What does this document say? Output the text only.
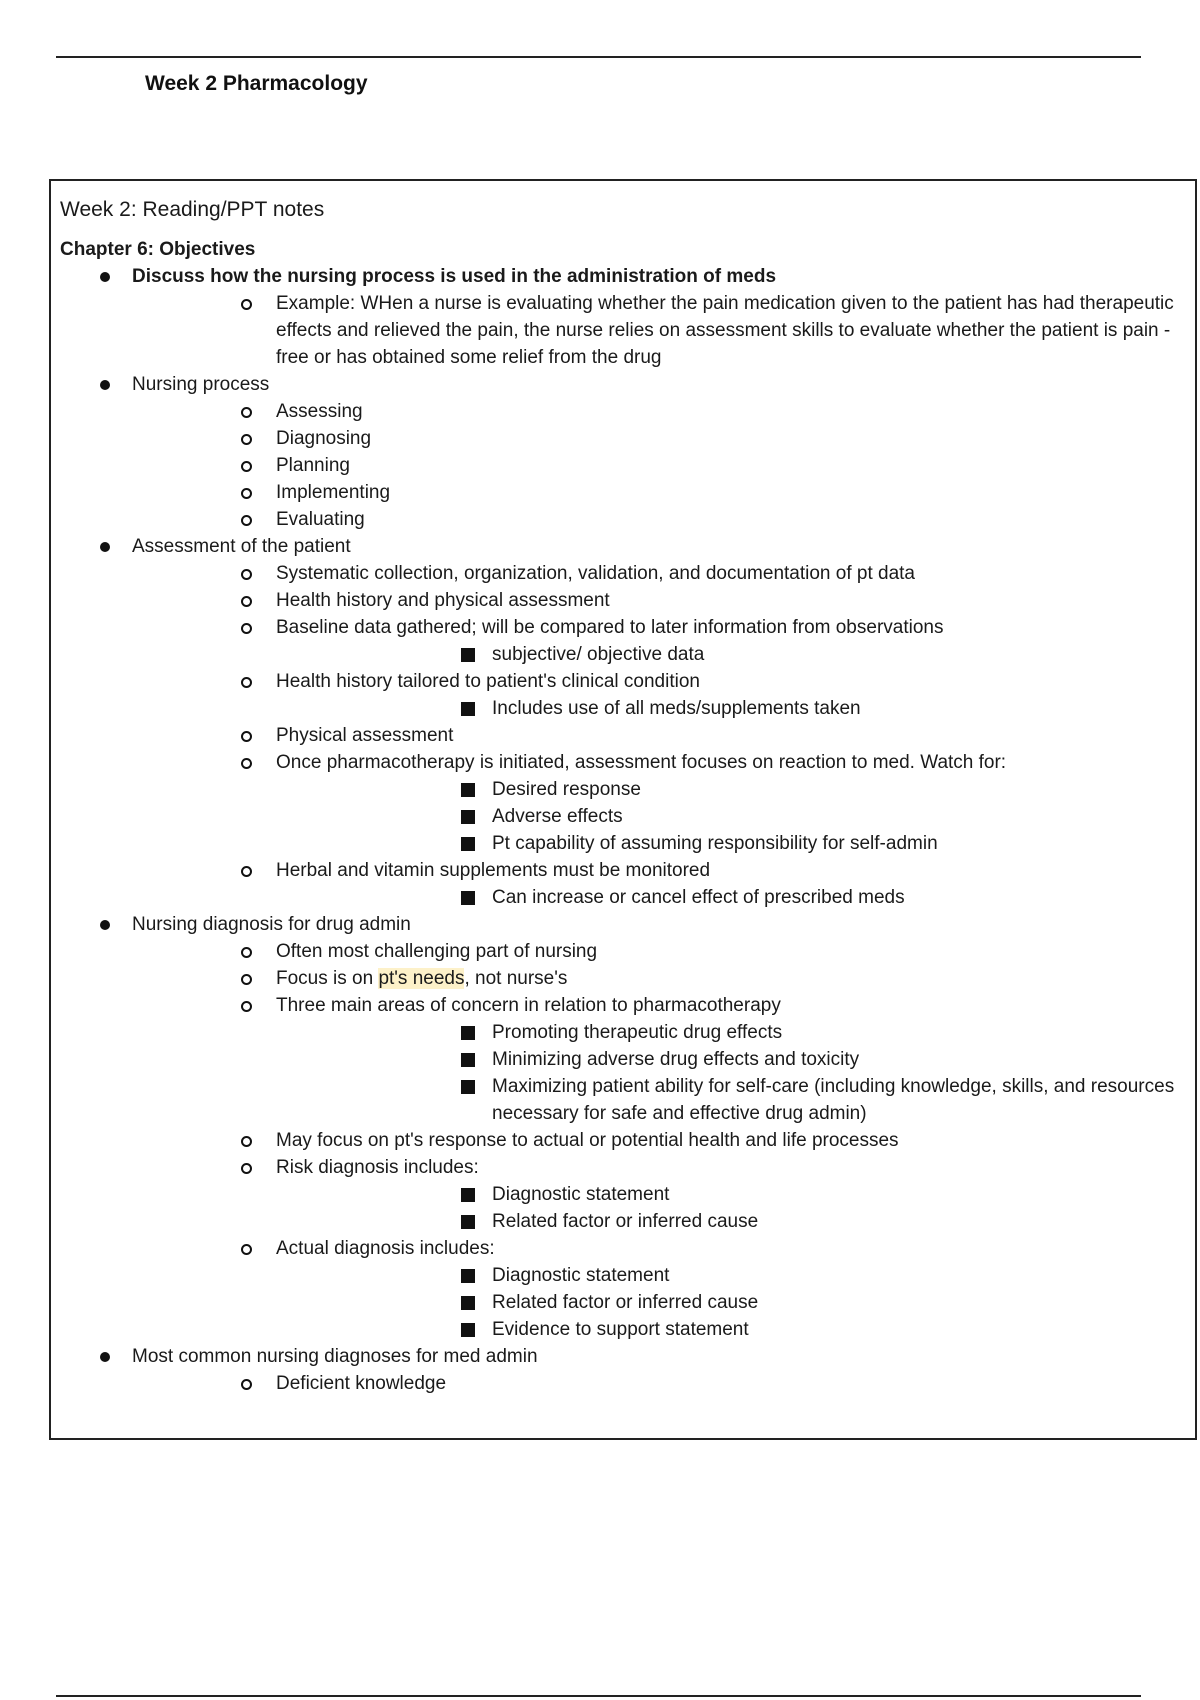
Week 2 Pharmacology
Week 2: Reading/PPT notes
Chapter 6: Objectives
Discuss how the nursing process is used in the administration of meds
Example: WHen a nurse is evaluating whether the pain medication given to the patient has had therapeutic effects and relieved the pain, the nurse relies on assessment skills to evaluate whether the patient is pain -free or has obtained some relief from the drug
Nursing process
Assessing
Diagnosing
Planning
Implementing
Evaluating
Assessment of the patient
Systematic collection, organization, validation, and documentation of pt data
Health history and physical assessment
Baseline data gathered; will be compared to later information from observations
subjective/ objective data
Health history tailored to patient's clinical condition
Includes use of all meds/supplements taken
Physical assessment
Once pharmacotherapy is initiated, assessment focuses on reaction to med. Watch for:
Desired response
Adverse effects
Pt capability of assuming responsibility for self-admin
Herbal and vitamin supplements must be monitored
Can increase or cancel effect of prescribed meds
Nursing diagnosis for drug admin
Often most challenging part of nursing
Focus is on pt's needs, not nurse's
Three main areas of concern in relation to pharmacotherapy
Promoting therapeutic drug effects
Minimizing adverse drug effects and toxicity
Maximizing patient ability for self-care (including knowledge, skills, and resources necessary for safe and effective drug admin)
May focus on pt's response to actual or potential health and life processes
Risk diagnosis includes:
Diagnostic statement
Related factor or inferred cause
Actual diagnosis includes:
Diagnostic statement
Related factor or inferred cause
Evidence to support statement
Most common nursing diagnoses for med admin
Deficient knowledge
